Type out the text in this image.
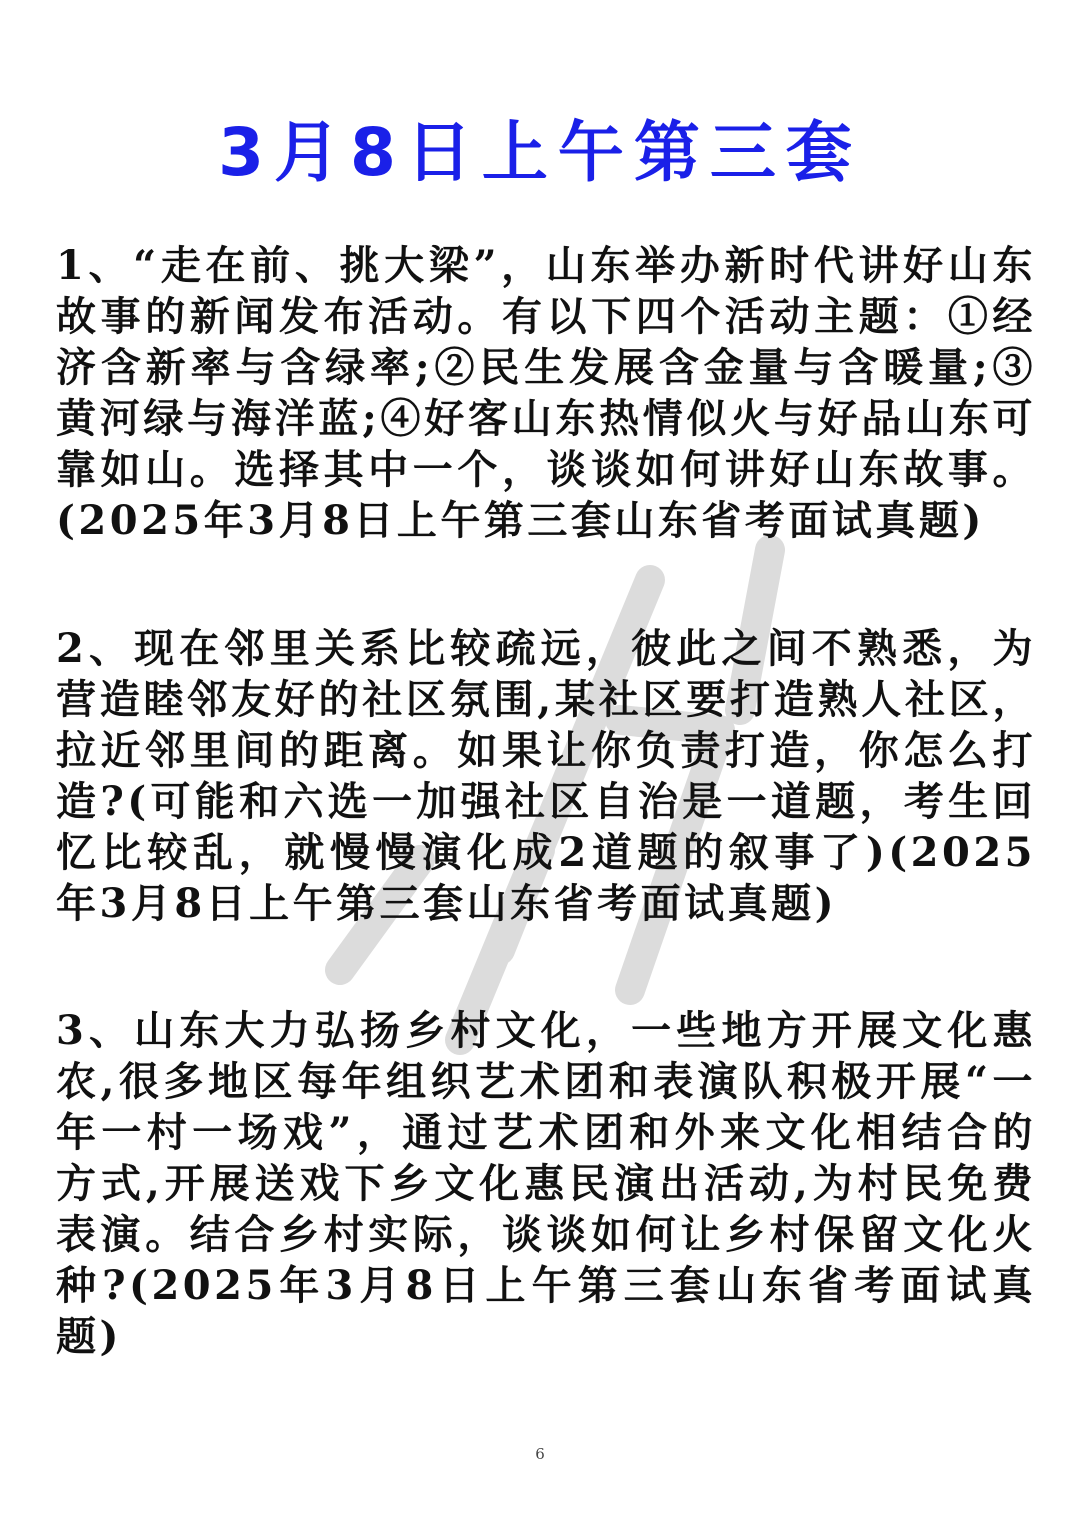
3月8日上午第三套
1、“走在前、挑大梁”，山东举办新时代讲好山东故事的新闻发布活动。有以下四个活动主题：①经济含新率与含绿率;②民生发展含金量与含暖量;③黄河绿与海洋蓝;④好客山东热情似火与好品山东可靠如山。选择其中一个，谈谈如何讲好山东故事。(2025年3月8日上午第三套山东省考面试真题)
2、现在邻里关系比较疏远，彼此之间不熟悉，为营造睦邻友好的社区氛围,某社区要打造熟人社区，拉近邻里间的距离。如果让你负责打造，你怎么打造?(可能和六选一加强社区自治是一道题，考生回忆比较乱，就慢慢演化成2道题的叙事了)(2025年3月8日上午第三套山东省考面试真题)
3、山东大力弘扬乡村文化，一些地方开展文化惠农,很多地区每年组织艺术团和表演队积极开展“一年一村一场戏”，通过艺术团和外来文化相结合的方式,开展送戏下乡文化惠民演出活动,为村民免费表演。结合乡村实际，谈谈如何让乡村保留文化火种?(2025年3月8日上午第三套山东省考面试真题)
6
